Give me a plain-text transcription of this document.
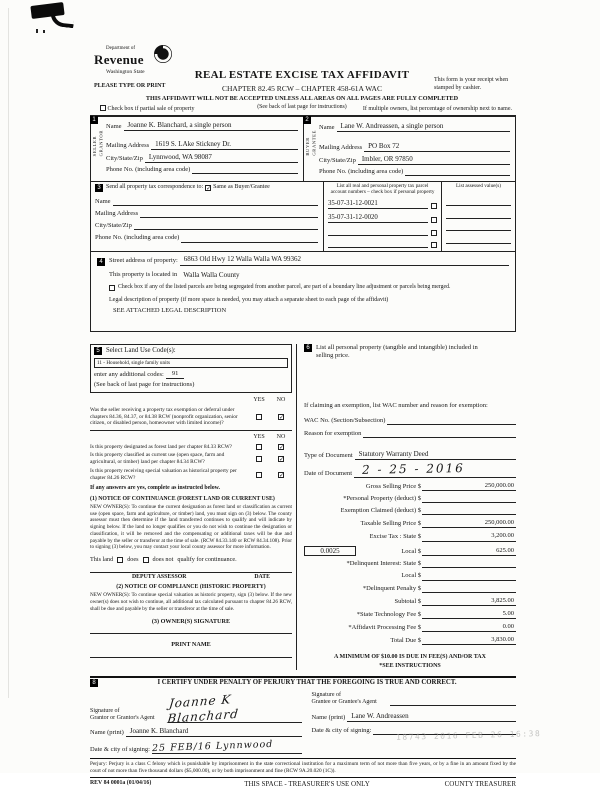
Department of
Revenue
Washington State	REAL ESTATE EXCISE TAX AFFIDAVIT
CHAPTER 82.45 RCW – CHAPTER 458-61A WAC
THIS AFFIDAVIT WILL NOT BE ACCEPTED UNLESS ALL AREAS ON ALL PAGES ARE FULLY COMPLETED
(See back of last page for instructions)
PLEASE TYPE OR PRINT
This form is your receipt when stamped by cashier.
Check box if partial sale of property	If multiple owners, list percentage of ownership next to name.
1
SELLER
GRANTOR
Name Joanne K. Blanchard, a single person
Mailing Address 1619 S. LAke Stickney Dr.
City/State/Zip Lynnwood, WA 98087
Phone No. (including area code)
2
BUYER
GRANTEE
Name Lane W. Andreassen, a single person
Mailing Address PO Box 72
City/State/Zip Imbler, OR 97850
Phone No. (including area code)
3 Send all property tax correspondence to: ✓ Same as Buyer/Grantee
Name
Mailing Address
City/State/Zip
Phone No. (including area code)
List all real and personal property tax parcel account numbers – check box if personal property
35-07-31-12-0021
35-07-31-12-0020
List assessed value(s)
4 Street address of property: 6863 Old Hwy 12 Walla Walla WA 99362
This property is located in Walla Walla County
Check box if any of the listed parcels are being segregated from another parcel, are part of a boundary line adjustment or parcels being merged.
Legal description of property (if more space is needed, you may attach a separate sheet to each page of the affidavit)
SEE ATTACHED LEGAL DESCRIPTION
5 Select Land Use Code(s):
11 - Household, single family units
enter any additional codes:	91
(See back of last page for instructions)
YES	NO
Was the seller receiving a property tax exemption or deferral under chapters 84.36, 84.37, or 84.38 RCW (nonprofit organization, senior citizen, or disabled person, homeowner with limited income)?
✓
YES	NO
Is this property designated as forest land per chapter 84.33 RCW?	✓
Is this property classified as current use (open space, farm and agricultural, or timber) land per chapter 84.34 RCW?	✓
Is this property receiving special valuation as historical property per chapter 84.26 RCW?	✓
If any answers are yes, complete as instructed below.
(1) NOTICE OF CONTINUANCE (FOREST LAND OR CURRENT USE)
NEW OWNER(S): To continue the current designation as forest land or classification as current use (open space, farm and agriculture, or timber) land, you must sign on (3) below. The county assessor must then determine if the land transferred continues to qualify and will indicate by signing below. If the land no longer qualifies or you do not wish to continue the designation or classification, it will be removed and the compensating or additional taxes will be due and payable by the seller or transferor at the time of sale. (RCW 84.33.140 or RCW 84.34.108). Prior to signing (3) below, you may contact your local county assessor for more information.
This land does does not qualify for continuance.
DEPUTY ASSESSOR	DATE
(2) NOTICE OF COMPLIANCE (HISTORIC PROPERTY)
NEW OWNER(S): To continue special valuation as historic property, sign (3) below. If the new owner(s) does not wish to continue, all additional tax calculated pursuant to chapter 84.26 RCW, shall be due and payable by the seller or transferor at the time of sale.
(3) OWNER(S) SIGNATURE
PRINT NAME
6 List all personal property (tangible and intangible) included in selling price.
If claiming an exemption, list WAC number and reason for exemption:
WAC No. (Section/Subsection)
Reason for exemption
Type of Document Statutory Warranty Deed
Date of Document 2 - 25 - 2016
Gross Selling Price $	250,000.00
*Personal Property (deduct) $
Exemption Claimed (deduct) $
Taxable Selling Price $	250,000.00
Excise Tax : State $	3,200.00
0.0025	Local $	625.00
*Delinquent Interest: State $
Local $
*Delinquent Penalty $
Subtotal $	3,825.00
*State Technology Fee $	5.00
*Affidavit Processing Fee $	0.00
Total Due $	3,830.00
A MINIMUM OF $10.00 IS DUE IN FEE(S) AND/OR TAX
*SEE INSTRUCTIONS
8	I CERTIFY UNDER PENALTY OF PERJURY THAT THE FOREGOING IS TRUE AND CORRECT.
Signature of
Grantor or Grantor's Agent
Joanne K Blanchard
Name (print) Joanne K. Blanchard
Date & city of signing: 25 FEB/16 Lynnwood
Signature of
Grantee or Grantee's Agent
Name (print) Lane W. Andreassen
Date & city of signing:
Perjury: Perjury is a class C felony which is punishable by imprisonment in the state correctional institution for a maximum term of not more than five years, or by a fine in an amount fixed by the court of not more than five thousand dollars ($5,000.00), or by both imprisonment and fine (RCW 9A.20.020 (1C)).
REV 84 0001a (01/04/16)	THIS SPACE - TREASURER'S USE ONLY	COUNTY TREASURER
18743 2016 FEB 26 16:38
